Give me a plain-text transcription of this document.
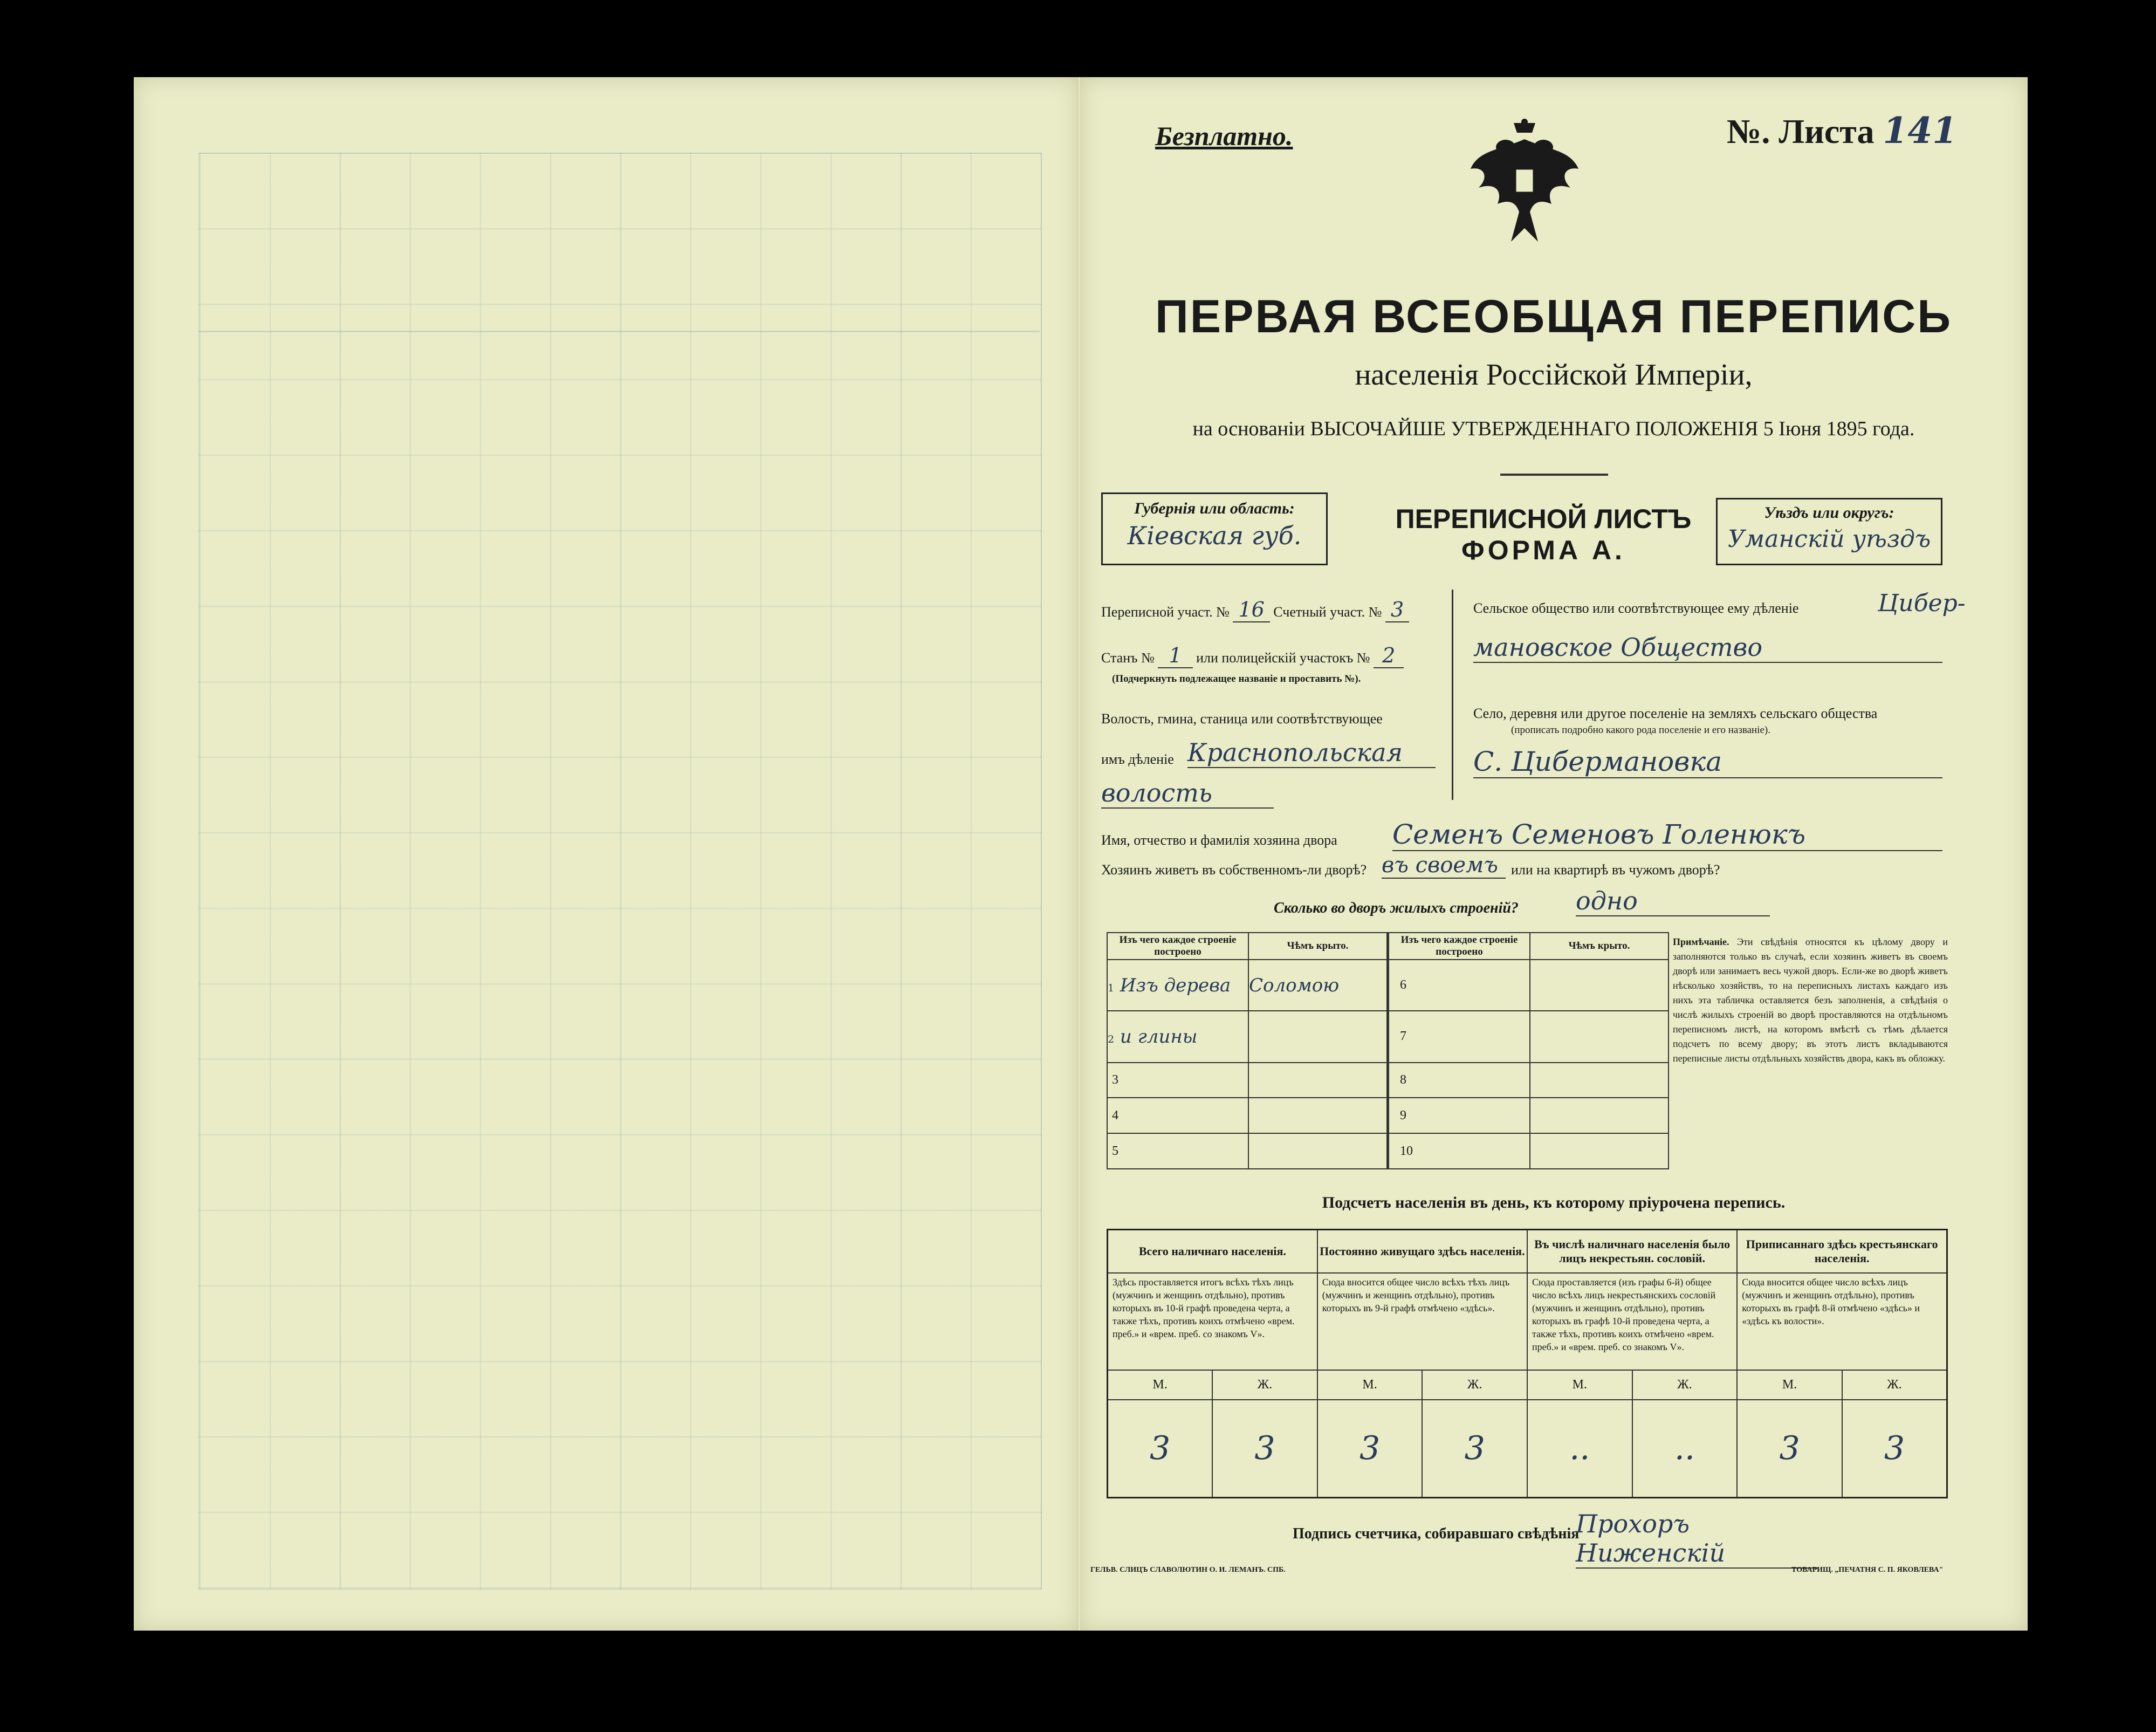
Безплатно.	№. Листа 141
ПЕРВАЯ ВСЕОБЩАЯ ПЕРЕПИСЬ
населенія Россійской Имперіи,
на основаніи ВЫСОЧАЙШЕ УТВЕРЖДЕННАГО ПОЛОЖЕНІЯ 5 Іюня 1895 года.
Губернія или область:
Кіевская губ.
ПЕРЕПИСНОЙ ЛИСТЪ
ФОРМА А.
Уѣздъ или округъ:
Уманскій уѣздъ
Переписной участ. № 16 Счетный участ. № 3
Станъ № 1 или полицейскій участокъ № 2
(Подчеркнуть подлежащее названіе и проставить №).
Волость, гмина, станица или соотвѣтствующее
имъ дѣленіе Краснопольская
волость
Сельское общество или соотвѣтствующее ему дѣленіе	Цибер-
мановское Общество
Село, деревня или другое поселеніе на земляхъ сельскаго общества
(прописать подробно какого рода поселеніе и его названіе).
С. Цибермановка
Имя, отчество и фамилія хозяина двора Семенъ Семеновъ Голенюкъ
Хозяинъ живетъ въ собственномъ-ли дворѣ? въ своемъ или на квартирѣ въ чужомъ дворѣ?
Сколько во дворъ жилыхъ строеній? одно
Изъ чего каждое строеніе построено	Чѣмъ крыто.	Изъ чего каждое строеніе построено	Чѣмъ крыто.
1 Изъ дерева	Соломою	6	
2 и глины		7	
3		8	
4		9	
5		10	
Примѣчаніе. Эти свѣдѣнія относятся къ цѣлому двору и заполняются только въ случаѣ, если хозяинъ живетъ въ своемъ дворѣ или занимаетъ весь чужой дворъ. Если-же во дворѣ живетъ нѣсколько хозяйствъ, то на переписныхъ листахъ каждаго изъ нихъ эта табличка оставляется безъ заполненія, а свѣдѣнія о числѣ жилыхъ строеній во дворѣ проставляются на отдѣльномъ переписномъ листѣ, на которомъ вмѣстѣ съ тѣмъ дѣлается подсчетъ по всему двору; въ этотъ листъ вкладываются переписные листы отдѣльныхъ хозяйствъ двора, какъ въ обложку.
Подсчетъ населенія въ день, къ которому пріурочена перепись.
Всего наличнаго населенія.		Постоянно живущаго здѣсь населенія.		Въ числѣ наличнаго населенія было лицъ некрестьян. сословій.		Приписаннаго здѣсь крестьянскаго населенія.	
Здѣсь проставляется итогъ всѣхъ тѣхъ лицъ (мужчинъ и женщинъ отдѣльно), противъ которыхъ въ 10-й графѣ проведена черта, а также тѣхъ, противъ коихъ отмѣчено «врем. преб.» и «врем. преб. со знакомъ V».		Сюда вносится общее число всѣхъ тѣхъ лицъ (мужчинъ и женщинъ отдѣльно), противъ которыхъ въ 9-й графѣ отмѣчено «здѣсь».		Сюда проставляется (изъ графы 6-й) общее число всѣхъ лицъ некрестьянскихъ сословій (мужчинъ и женщинъ отдѣльно), противъ которыхъ въ графѣ 10-й проведена черта, а также тѣхъ, противъ коихъ отмѣчено «врем. преб.» и «врем. преб. со знакомъ V».		Сюда вносится общее число всѣхъ лицъ (мужчинъ и женщинъ отдѣльно), противъ которыхъ въ графѣ 8-й отмѣчено «здѣсь» и «здѣсь къ волости».	
М.	Ж.	М.	Ж.	М.	Ж.	М.	Ж.
3	3	3	3	..	..	3	3
Подпись счетчика, собиравшаго свѣдѣнія
Прохоръ Ниженскій
ГЕЛЬВ. СЛИЦЪ СЛАВОЛЮТИН О. И. ЛЕМАНЪ. СПБ.	ТОВАРИЩ. „ПЕЧАТНЯ С. П. ЯКОВЛЕВА"
